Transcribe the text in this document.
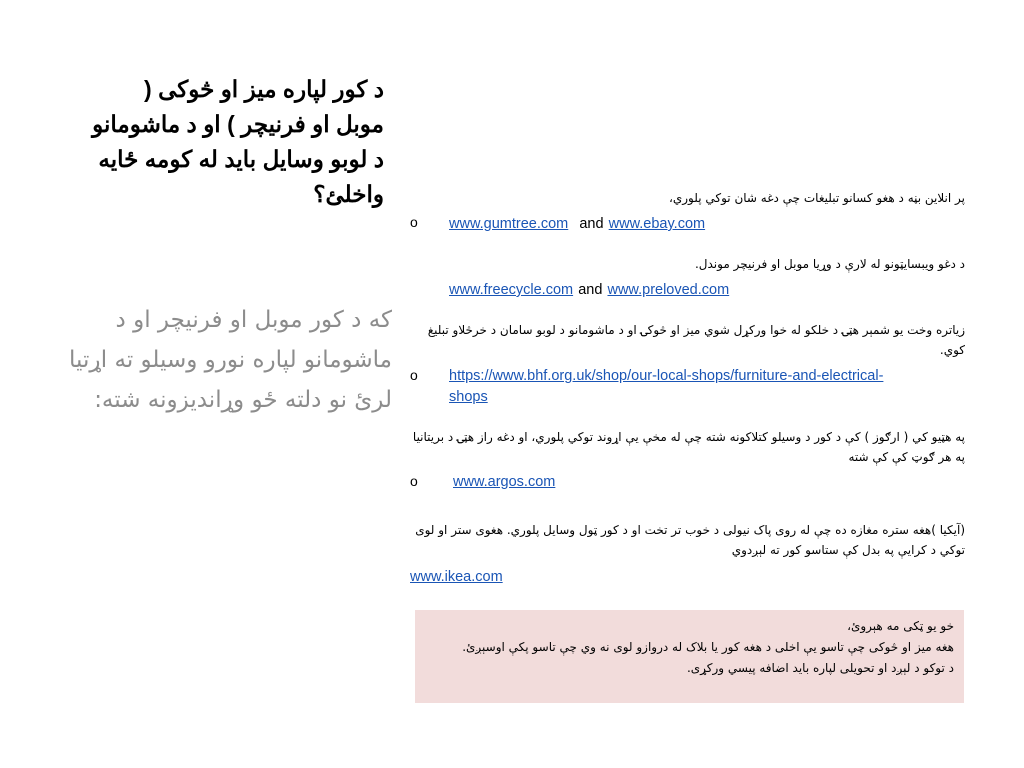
د کور لپاره میز او څوکی ( موبل او فرنیچر ) او د ماشومانو د لوبو وسایل باید له کومه ځایه واخلئ؟
که د کور موبل او فرنیچر او د ماشومانو لپاره نورو وسیلو ته اړتیا لرئ نو دلته ځو وړاندیزونه شته:
پر انلاین بڼه د هغو کسانو تبلیغات چې دغه شان توکي پلوري،
o www.gumtree.com and www.ebay.com
د دغو ویبسایټونو له لارې د وړیا موبل او فرنیچر موندل.
www.freecycle.com and www.preloved.com
زیاتره وخت یو شمېر هټۍ د خلکو له خوا ورکړل شوي میز او څوکۍ او د ماشومانو د لوبو سامان د خرڅلاو تبلیغ کوي.
o https://www.bhf.org.uk/shop/our-local-shops/furniture-and-electrical-
shops
په هټیو کي ( ارګوز ) کې د کور د وسیلو کتلاکونه شته چې له مخې یې اړوند توکي پلوري، او دغه راز هټۍ د بریتانیا په هر ګوټ کې کې شته
o www.argos.com
(آیکیا )هغه ستره مغازه ده چې له روی پاک نیولی د خوب تر تخت او د کور ټول وسایل پلوري. هغوی ستر او لوی توکي د کرایې په بدل کې ستاسو کور ته لېږدوي
www.ikea.com
خو یو ټکی مه هېروئ،
هغه میز او څوکی چې تاسو یې اخلی د هغه کور یا بلاک له دروازو لوی نه وي چې تاسو پکې اوسېږئ.
د توکو د لېږد او تحویلی لپاره باید اضافه پیسي ورکړی.
